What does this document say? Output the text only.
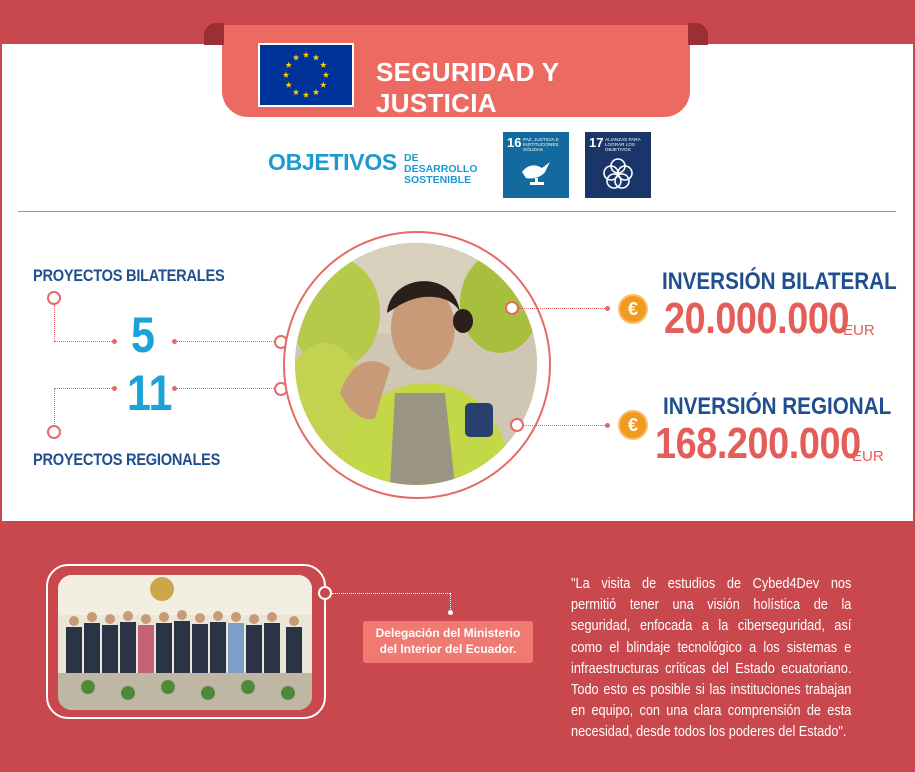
SEGURIDAD Y JUSTICIA
OBJETIVOS DE DESARROLLO
SOSTENIBLE
16 PAZ, JUSTICIA E INSTITUCIONES SÓLIDAS	17 ALIANZAS PARA LOGRAR LOS OBJETIVOS
PROYECTOS BILATERALES
5
11
PROYECTOS REGIONALES
€
INVERSIÓN BILATERAL
20.000.000
EUR
€
INVERSIÓN REGIONAL
168.200.000
EUR
Delegación del Ministerio
del Interior del Ecuador.
"La visita de estudios de Cybed4Dev nos permitió tener una visión holística de la seguridad, enfocada a la ciberseguridad, así como el blindaje tecnológico a los sistemas e infraestructuras críticas del Estado ecuatoriano. Todo esto es posible si las instituciones trabajan en equipo, con una clara comprensión de esta necesidad, desde todos los poderes del Estado".
